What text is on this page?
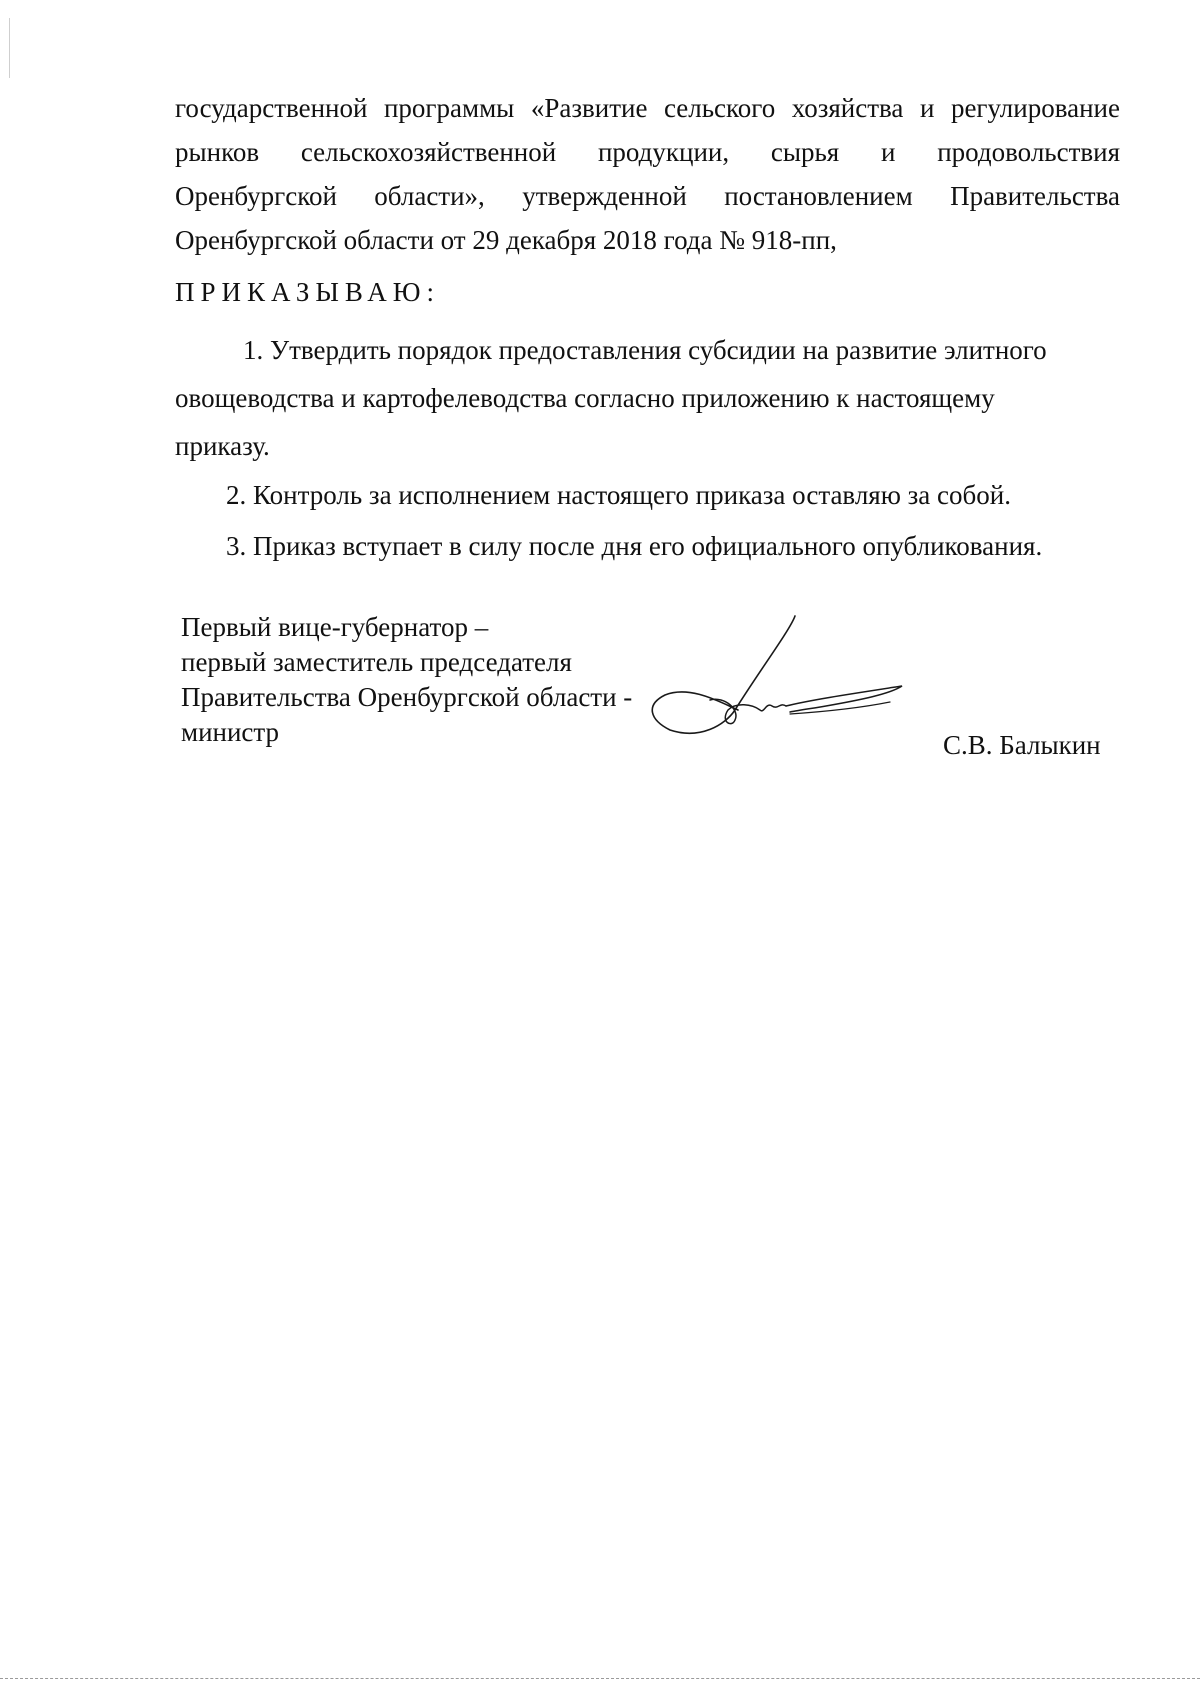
государственной программы «Развитие сельского хозяйства и регулирование
рынков сельскохозяйственной продукции, сырья и продовольствия
Оренбургской области», утвержденной постановлением Правительства
Оренбургской области от 29 декабря 2018 года № 918-пп,
ПРИКАЗЫВАЮ:
1. Утвердить порядок предоставления субсидии на развитие элитного
овощеводства и картофелеводства согласно приложению к настоящему
приказу.
2. Контроль за исполнением настоящего приказа оставляю за собой.
3. Приказ вступает в силу после дня его официального опубликования.
Первый вице-губернатор –
первый заместитель председателя
Правительства Оренбургской области -
министр	С.В. Балыкин
